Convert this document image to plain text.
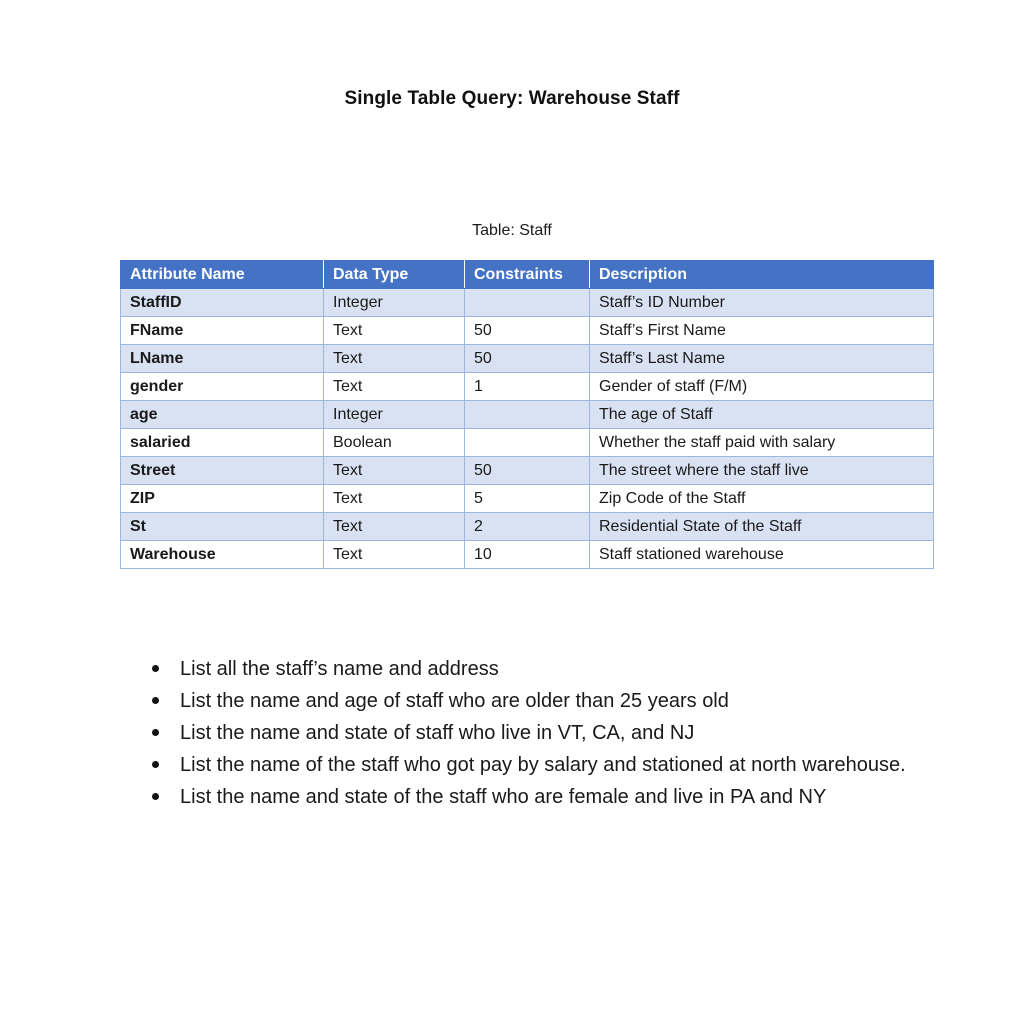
Single Table Query: Warehouse Staff
Table: Staff
Attribute Name	Data Type	Constraints	Description
StaffID	Integer		Staff’s ID Number
FName	Text	50	Staff’s First Name
LName	Text	50	Staff’s Last Name
gender	Text	1	Gender of staff (F/M)
age	Integer		The age of Staff
salaried	Boolean		Whether the staff paid with salary
Street	Text	50	The street where the staff live
ZIP	Text	5	Zip Code of the Staff
St	Text	2	Residential State of the Staff
Warehouse	Text	10	Staff stationed warehouse
List all the staff’s name and address
List the name and age of staff who are older than 25 years old
List the name and state of staff who live in VT, CA, and NJ
List the name of the staff who got pay by salary and stationed at north warehouse.
List the name and state of the staff who are female and live in PA and NY
